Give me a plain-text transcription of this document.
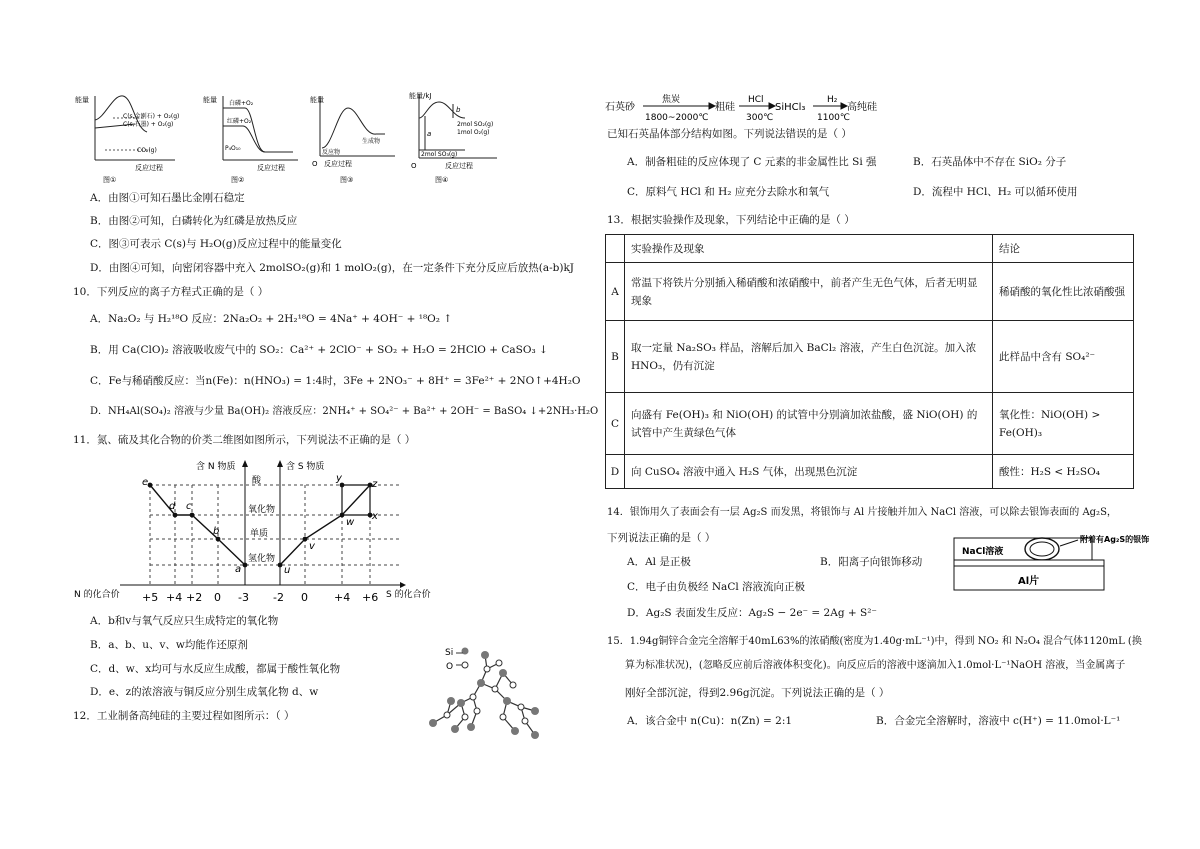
能量
C(s,金刚石) + O₂(g)
C(s,石墨) + O₂(g)
CO₂(g)
反应过程
图①
能量 白磷+O₂
红磷+O₂
P₄O₁₀
反应过程
图②
能量
反应物
生成物
O 反应过程
图③
能量/kJ
a
b
2mol SO₂(g)
1mol O₂(g)
2mol SO₃(g)
O	反应过程
图④
A．由图①可知石墨比金刚石稳定
B．由图②可知，白磷转化为红磷是放热反应
C．图③可表示 C(s)与 H₂O(g)反应过程中的能量变化
D．由图④可知，向密闭容器中充入 2molSO₂(g)和 1 molO₂(g)，在一定条件下充分反应后放热(a-b)kJ
10．下列反应的离子方程式正确的是（ ）
A．Na₂O₂ 与 H₂¹⁸O 反应：2Na₂O₂ + 2H₂¹⁸O = 4Na⁺ + 4OH⁻ + ¹⁸O₂ ↑
B．用 Ca(ClO)₂ 溶液吸收废气中的 SO₂：Ca²⁺ + 2ClO⁻ + SO₂ + H₂O = 2HClO + CaSO₃ ↓
C．Fe与稀硝酸反应：当n(Fe)：n(HNO₃) = 1:4时，3Fe + 2NO₃⁻ + 8H⁺ = 3Fe²⁺ + 2NO↑+4H₂O
D．NH₄Al(SO₄)₂ 溶液与少量 Ba(OH)₂ 溶液反应：2NH₄⁺ + SO₄²⁻ + Ba²⁺ + 2OH⁻ = BaSO₄ ↓+2NH₃·H₂O
11．氮、硫及其化合物的价类二维图如图所示，下列说法不正确的是（ ）
e
d c
b
a	u
v
w
x
y
z
含 N 物质	含 S 物质
酸
氧化物
单质
氢化物
+5 +4 +2 0 -3 -2 0 +4 +6
N 的化合价	S 的化合价
A．b和v与氧气反应只生成特定的氧化物
B．a、b、u、v、w均能作还原剂
C．d、w、x均可与水反应生成酸，都属于酸性氧化物
D．e、z的浓溶液与铜反应分别生成氧化物 d、w
12．工业制备高纯硅的主要过程如图所示：（ ）
Si
O
石英砂
焦炭
1800~2000℃
粗硅
HCl
300℃
SiHCl₃
H₂
1100℃
高纯硅
已知石英晶体部分结构如图。下列说法错误的是（ ）
A．制备粗硅的反应体现了 C 元素的非金属性比 Si 强	B．石英晶体中不存在 SiO₂ 分子
C．原料气 HCl 和 H₂ 应充分去除水和氧气	D．流程中 HCl、H₂ 可以循环使用
13．根据实验操作及现象，下列结论中正确的是（ ）
	实验操作及现象	结论
A	常温下将铁片分别插入稀硝酸和浓硝酸中，前者产生无色气体，后者无明显现象	稀硝酸的氧化性比浓硝酸强
B	取一定量 Na₂SO₃ 样品，溶解后加入 BaCl₂ 溶液，产生白色沉淀。加入浓 HNO₃，仍有沉淀	此样品中含有 SO₄²⁻
C	向盛有 Fe(OH)₃ 和 NiO(OH) 的试管中分别滴加浓盐酸，盛 NiO(OH) 的试管中产生黄绿色气体	氧化性：NiO(OH) > Fe(OH)₃
D	向 CuSO₄ 溶液中通入 H₂S 气体，出现黑色沉淀	酸性：H₂S < H₂SO₄
14．银饰用久了表面会有一层 Ag₂S 而发黑，将银饰与 Al 片接触并加入 NaCl 溶液，可以除去银饰表面的 Ag₂S，
下列说法正确的是（ ）
A．Al 是正极	B．阳离子向银饰移动
C．电子由负极经 NaCl 溶液流向正极
D．Ag₂S 表面发生反应：Ag₂S − 2e⁻ = 2Ag + S²⁻
NaCl溶液
附着有Ag₂S的银饰
Al片
15．1.94g铜锌合金完全溶解于40mL63%的浓硝酸(密度为1.40g·mL⁻¹)中，得到 NO₂ 和 N₂O₄ 混合气体1120mL (换
算为标准状况)，(忽略反应前后溶液体积变化)。向反应后的溶液中逐滴加入1.0mol·L⁻¹NaOH 溶液，当金属离子
刚好全部沉淀，得到2.96g沉淀。下列说法正确的是（ ）
A．该合金中 n(Cu)：n(Zn) = 2:1	B．合金完全溶解时，溶液中 c(H⁺) = 11.0mol·L⁻¹
